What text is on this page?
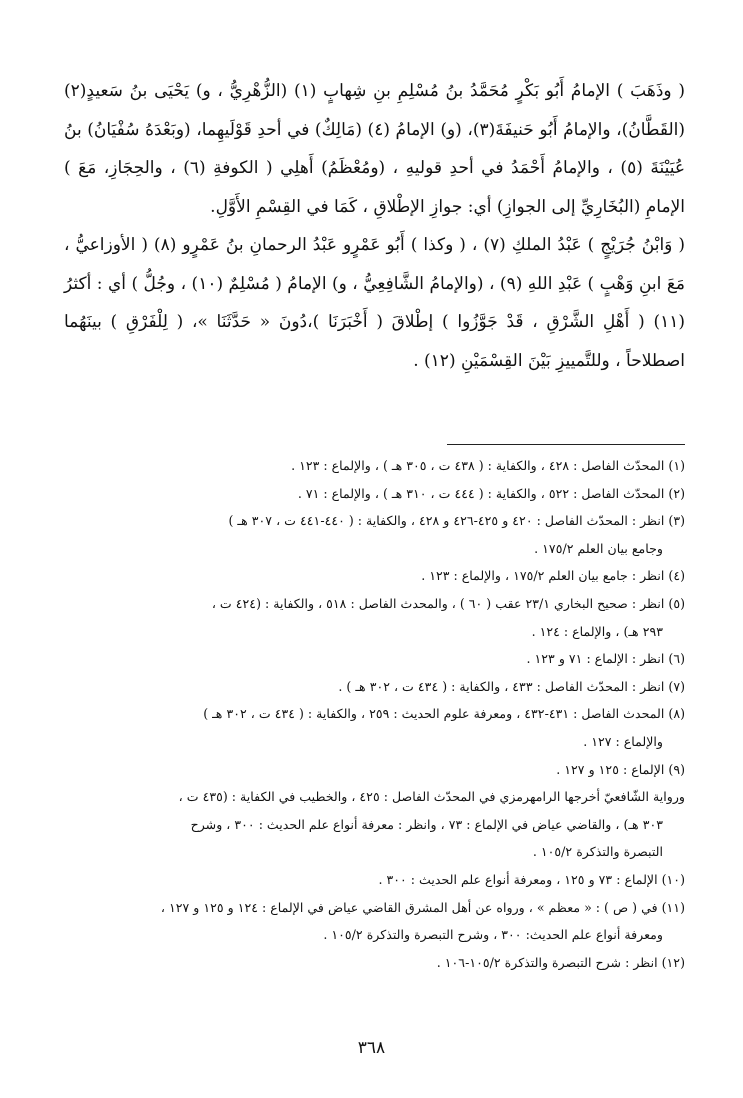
( وذَهَبَ ) الإمامُ أَبُو بَكْرٍ مُحَمَّدُ بنُ مُسْلِمِ بنِ شِهابٍ (١) (الزُّهْرِيُّ ، و) يَحْيَى بنُ سَعيدٍ(٢) (القَطَّانُ)، والإمامُ أَبُو حَنيفَةَ(٣)، (و) الإمامُ (٤) (مَالِكٌ) في أحدِ قَوْلَيهِما، (وبَعْدَهُ سُفْيَانُ) بنُ عُيَيْنَةَ (٥) ، والإمامُ أَحْمَدُ في أحدِ قوليهِ ، (ومُعْظَمُ) أَهلِي ( الكوفةِ (٦) ، والحِجَازِ، مَعَ ) الإمامِ (البُخَارِيِّ إلى الجوازِ) أي: جوازِ الإطْلاقِ ، كَمَا في القِسْمِ الأَوَّلِ.

( وَابْنُ جُرَيْجٍ ) عَبْدُ الملكِ (٧) ، ( وكذا ) أَبُو عَمْرٍو عَبْدُ الرحمانِ بنُ عَمْرٍو (٨) ( الأوزاعيُّ ، مَعَ ابنِ وَهْبٍ ) عَبْدِ اللهِ (٩) ، (والإمامُ الشَّافِعِيُّ ، و) الإمامُ ( مُسْلِمٌ (١٠) ، وجُلُّ ) أي : أكثرُ (١١) ( أَهْلِ الشَّرْقِ ، قَدْ جَوَّزُوا ) إطْلاقَ ( أَخْبَرَنَا )،دُونَ « حَدَّثَنَا »، ( لِلْفَرْقِ ) بينَهُما اصطلاحاً ، وللتَّمييزِ بَيْنَ القِسْمَيْنِ (١٢) .

(١) المحدّث الفاصل : ٤٢٨ ، والكفاية : ( ٤٣٨ ت ، ٣٠٥ هـ ) ، والإلماع : ١٢٣ .

(٢) المحدّث الفاصل : ٥٢٢ ، والكفاية : ( ٤٤٤ ت ، ٣١٠ هـ ) ، والإلماع : ٧١ .

(٣) انظر : المحدّث الفاصل : ٤٢٠ و ٤٢٥-٤٢٦ و ٤٢٨ ، والكفاية : ( ٤٤٠-٤٤١ ت ، ٣٠٧ هـ )

وجامع بيان العلم ١٧٥/٢ .

(٤) انظر : جامع بيان العلم ١٧٥/٢ ، والإلماع : ١٢٣ .

(٥) انظر : صحيح البخاري ٢٣/١ عقب ( ٦٠ ) ، والمحدث الفاصل : ٥١٨ ، والكفاية : (٤٢٤ ت ،

٢٩٣ هـ) ، والإلماع : ١٢٤ .

(٦) انظر : الإلماع : ٧١ و ١٢٣ .

(٧) انظر : المحدّث الفاصل : ٤٣٣ ، والكفاية : ( ٤٣٤ ت ، ٣٠٢ هـ ) .

(٨) المحدث الفاصل : ٤٣١-٤٣٢ ، ومعرفة علوم الحديث : ٢٥٩ ، والكفاية : ( ٤٣٤ ت ، ٣٠٢ هـ )

والإلماع : ١٢٧ .

(٩) الإلماع : ١٢٥ و ١٢٧ .

ورواية الشّافعيّ أخرجها الرامهرمزي في المحدّث الفاصل : ٤٢٥ ، والخطيب في الكفاية : (٤٣٥ ت ،

٣٠٣ هـ) ، والقاضي عياض في الإلماع : ٧٣ ، وانظر : معرفة أنواع علم الحديث : ٣٠٠ ، وشرح

التبصرة والتذكرة ١٠٥/٢ .

(١٠) الإلماع : ٧٣ و ١٢٥ ، ومعرفة أنواع علم الحديث : ٣٠٠ .

(١١) في ( ص ) : « معظم » ، ورواه عن أهل المشرق القاضي عياض في الإلماع : ١٢٤ و ١٢٥ و ١٢٧ ،

ومعرفة أنواع علم الحديث: ٣٠٠ ، وشرح التبصرة والتذكرة ١٠٥/٢ .

(١٢) انظر : شرح التبصرة والتذكرة ١٠٥/٢-١٠٦ .

٣٦٨
